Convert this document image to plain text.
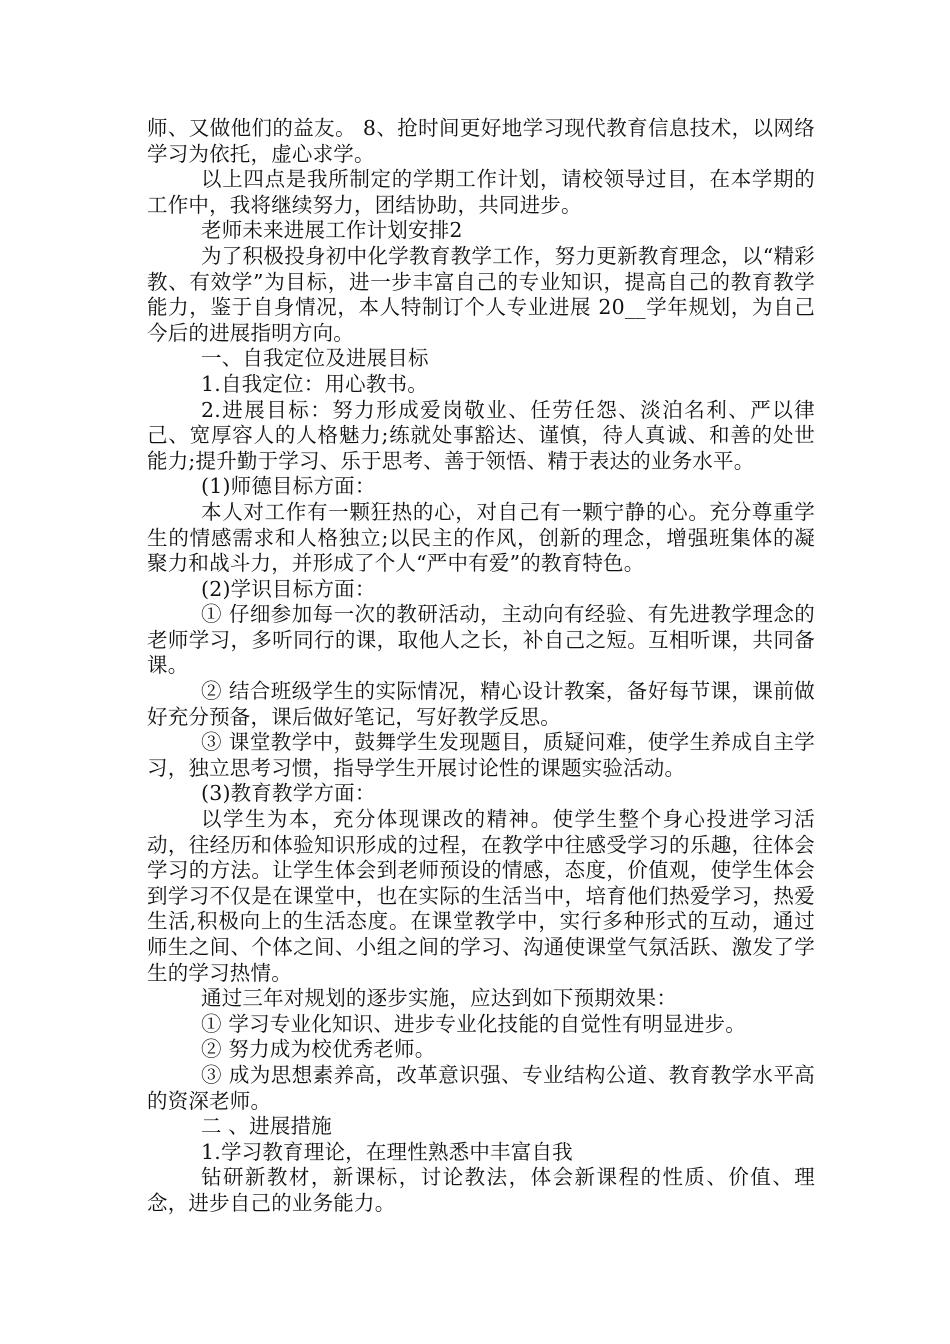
师、又做他们的益友。 8、抢时间更好地学习现代教育信息技术，以网络学习为依托，虚心求学。

以上四点是我所制定的学期工作计划，请校领导过目，在本学期的工作中，我将继续努力，团结协助，共同进步。

老师未来进展工作计划安排2

为了积极投身初中化学教育教学工作，努力更新教育理念，以“精彩教、有效学”为目标，进一步丰富自己的专业知识，提高自己的教育教学能力，鉴于自身情况，本人特制订个人专业进展 20__学年规划，为自己今后的进展指明方向。

一、自我定位及进展目标

1.自我定位：用心教书。

2.进展目标：努力形成爱岗敬业、任劳任怨、淡泊名利、严以律己、宽厚容人的人格魅力;练就处事豁达、谨慎，待人真诚、和善的处世能力;提升勤于学习、乐于思考、善于领悟、精于表达的业务水平。

(1)师德目标方面：

本人对工作有一颗狂热的心，对自己有一颗宁静的心。充分尊重学生的情感需求和人格独立;以民主的作风，创新的理念，增强班集体的凝聚力和战斗力，并形成了个人“严中有爱”的教育特色。

(2)学识目标方面：

① 仔细参加每一次的教研活动，主动向有经验、有先进教学理念的老师学习，多听同行的课，取他人之长，补自己之短。互相听课，共同备课。

② 结合班级学生的实际情况，精心设计教案，备好每节课，课前做好充分预备，课后做好笔记，写好教学反思。

③ 课堂教学中，鼓舞学生发现题目，质疑问难，使学生养成自主学习，独立思考习惯，指导学生开展讨论性的课题实验活动。

(3)教育教学方面：

以学生为本，充分体现课改的精神。使学生整个身心投进学习活动，往经历和体验知识形成的过程，在教学中往感受学习的乐趣，往体会学习的方法。让学生体会到老师预设的情感，态度，价值观，使学生体会到学习不仅是在课堂中，也在实际的生活当中，培育他们热爱学习，热爱生活,积极向上的生活态度。在课堂教学中，实行多种形式的互动，通过师生之间、个体之间、小组之间的学习、沟通使课堂气氛活跃、激发了学生的学习热情。

通过三年对规划的逐步实施，应达到如下预期效果：

① 学习专业化知识、进步专业化技能的自觉性有明显进步。

② 努力成为校优秀老师。

③ 成为思想素养高，改革意识强、专业结构公道、教育教学水平高的资深老师。

二 、进展措施

1.学习教育理论，在理性熟悉中丰富自我

钻研新教材，新课标，讨论教法，体会新课程的性质、价值、理念，进步自己的业务能力。
